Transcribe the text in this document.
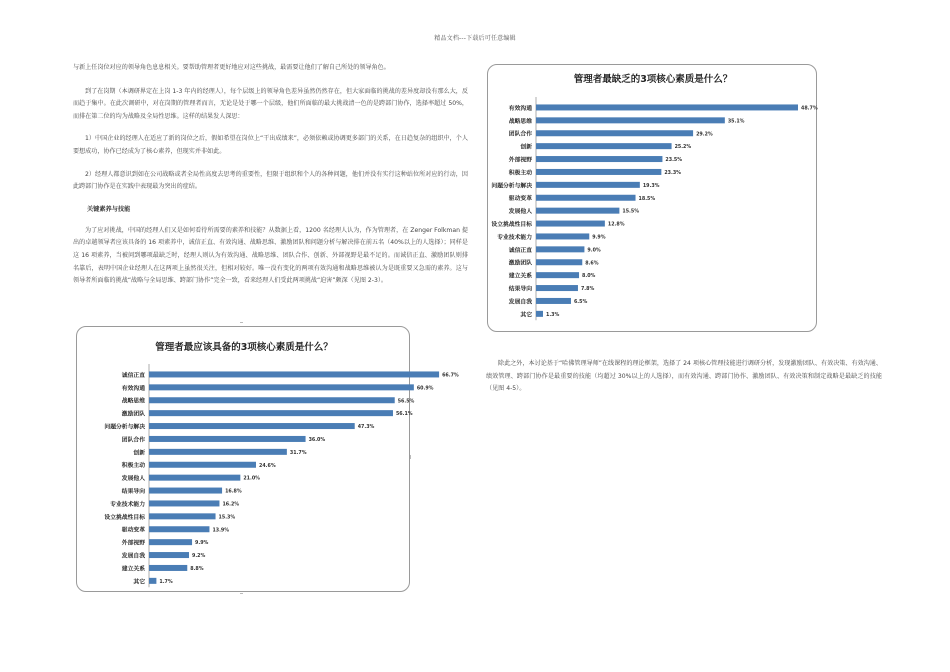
精品文档---下载后可任意编辑

与新上任岗位对应的领导角色息息相关。要帮助管理者更好地应对这些挑战，最需要让他们了解自己所处的领导角色。

到了在岗期（本调研界定在上岗 1-3 年内的经理人），每个层级上的领导角色差异虽然仍然存在，但大家面临的挑战的差异度却没有那么大，反而趋于集中。在此次调研中，对在岗期的管理者而言，无论是处于哪一个层级，他们所面临的最大挑战清一色的是跨部门协作，选择率超过 50%，而排在第二位的均为战略及全局性思维。这样的结果发人深思：

1）中国企业的经理人在适应了新的岗位之后，假如希望在岗位上“干出成绩来”，必须依赖或协调更多部门的关系，在日趋复杂的组织中，个人要想成功，协作已经成为了核心素养，但现实并非如此。

2）经理人都意识到如在公司战略或者全局性高度去思考的重要性，但限于组织和个人的各种问题，他们并没有实行这种站位所对应的行动，因此跨部门协作是在实践中表现最为突出的症结。

关键素养与技能

为了应对挑战，中国的经理人们又是如何看待所需要的素养和技能？从数据上看，1200 名经理人认为，作为管理者，在 Zenger Folkman 提出的卓越领导者应该具备的 16 项素养中，诚信正直、有效沟通、战略思维、激励团队和问题分析与解决排在前五名（40%以上的人选择）；同样是这 16 项素养，当被问到哪项最缺乏时，经理人则认为有效沟通、战略思维、团队合作、创新、外部视野是最不足的。而诚信正直、激励团队则排名靠后，表明中国企业经理人在这两项上虽然很关注，但相对较好。唯一没有变化的两项有效沟通和战略思维被认为是既重要又急需的素养。这与领导者所面临的挑战“战略与全局思维、跨部门协作”完全一致，看来经理人们受此两项挑战“迫害”颇深（见图 2-3）。

管理者最缺乏的3项核心素质是什么？
有效沟通	48.7%
战略思维	35.1%
团队合作	29.2%
创新	25.2%
外部视野	23.5%
积极主动	23.3%
问题分析与解决	19.3%
驱动变革	18.5%
发展他人	15.5%
设立挑战性目标	12.8%
专业技术能力	9.9%
诚信正直	9.0%
激励团队	8.6%
建立关系	8.0%
结果导向	7.8%
发展自我	6.5%
其它	1.3%

除此之外，本讨论基于“哈佛管理导师”在线课程的理论框架，选择了 24 项核心管理技能进行调研分析，发现激励团队、有效决策、有效沟通、绩效管理、跨部门协作是最重要的技能（均超过 30%以上的人选择），而有效沟通、跨部门协作、激励团队、有效决策和制定战略是最缺乏的技能（见图 4-5）。

管理者最应该具备的3项核心素质是什么？
诚信正直	66.7%
有效沟通	60.9%
战略思维	56.5%
激励团队	56.1%
问题分析与解决	47.3%
团队合作	36.0%
创新	31.7%
积极主动	24.6%
发展他人	21.0%
结果导向	16.8%
专业技术能力	16.2%
设立挑战性目标	15.3%
驱动变革	13.9%
外部视野	9.9%
发展自我	9.2%
建立关系	8.8%
其它	1.7%
